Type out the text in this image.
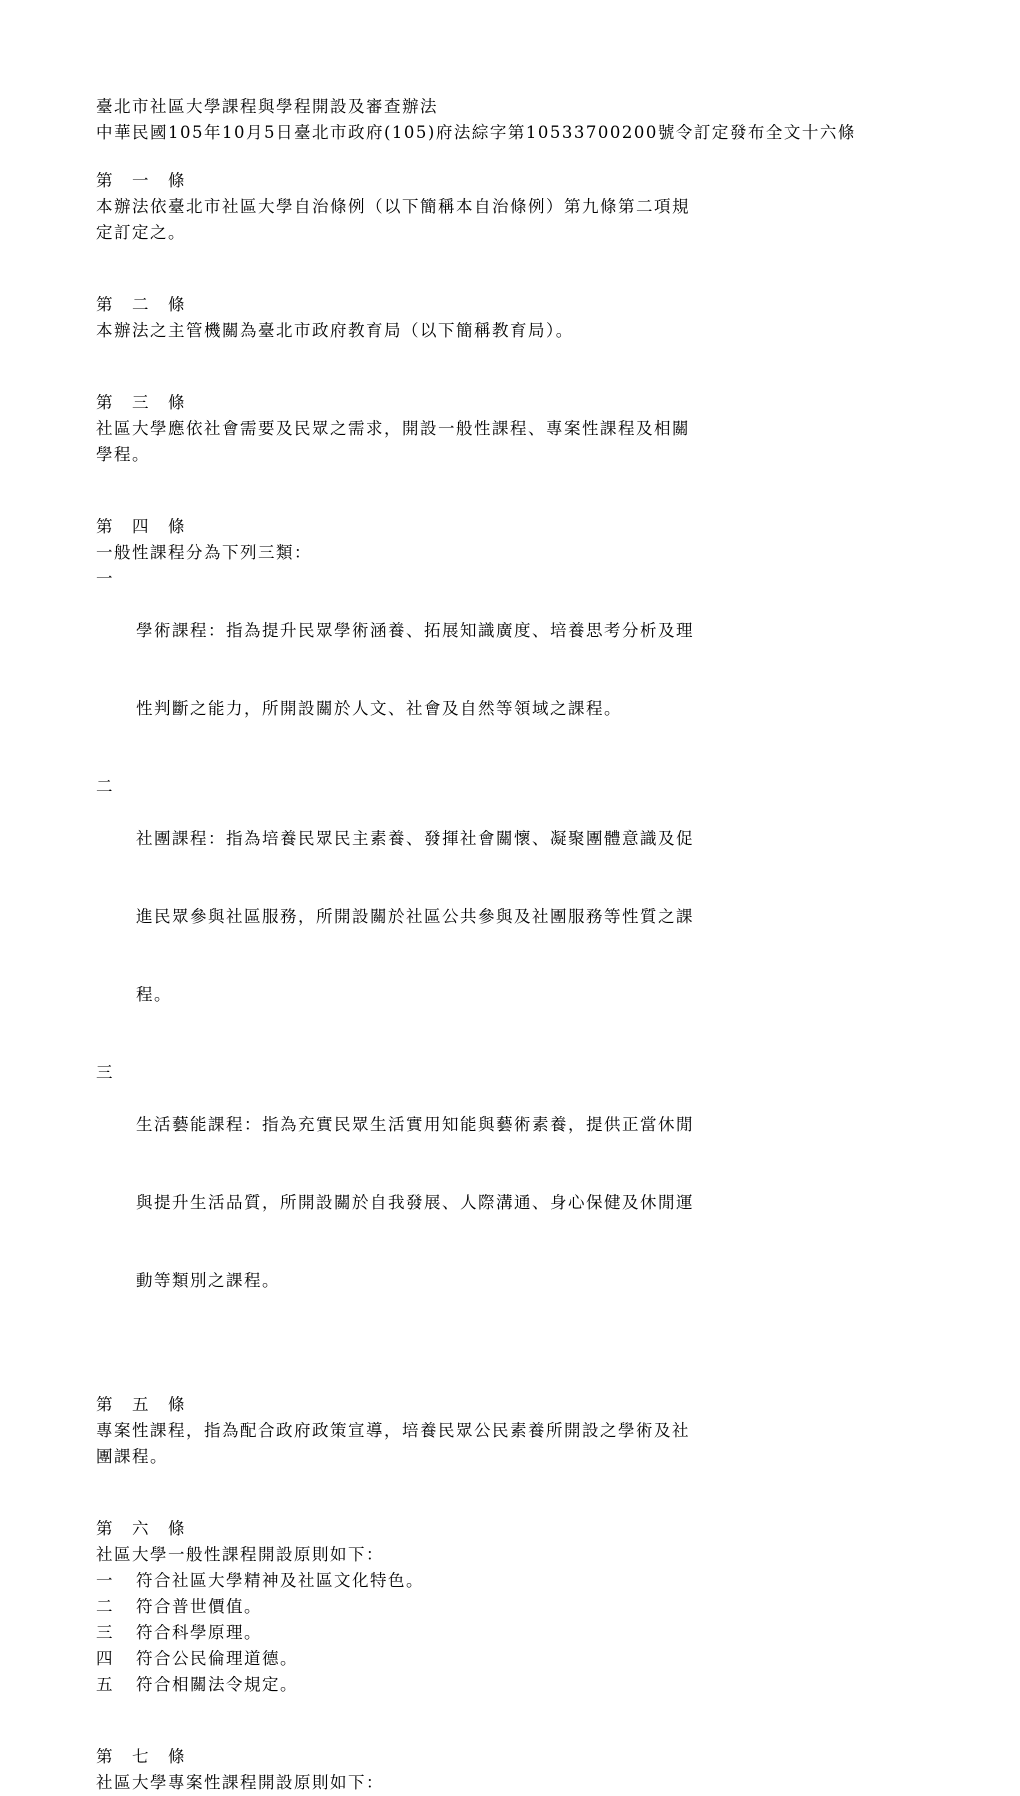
臺北市社區大學課程與學程開設及審查辦法
中華民國105年10月5日臺北市政府(105)府法綜字第10533700200號令訂定發布全文十六條
第　一　條
本辦法依臺北市社區大學自治條例（以下簡稱本自治條例）第九條第二項規
定訂定之。
第　二　條
本辦法之主管機關為臺北市政府教育局（以下簡稱教育局）。
第　三　條
社區大學應依社會需要及民眾之需求，開設一般性課程、專案性課程及相關
學程。
第　四　條
一般性課程分為下列三類：
一

學術課程：指為提升民眾學術涵養、拓展知識廣度、培養思考分析及理

性判斷之能力，所開設關於人文、社會及自然等領域之課程。

二

社團課程：指為培養民眾民主素養、發揮社會關懷、凝聚團體意識及促

進民眾參與社區服務，所開設關於社區公共參與及社團服務等性質之課

程。

三

生活藝能課程：指為充實民眾生活實用知能與藝術素養，提供正當休閒

與提升生活品質，所開設關於自我發展、人際溝通、身心保健及休閒運

動等類別之課程。

第　五　條
專案性課程，指為配合政府政策宣導，培養民眾公民素養所開設之學術及社
團課程。
第　六　條
社區大學一般性課程開設原則如下：
一	符合社區大學精神及社區文化特色。
二	符合普世價值。
三	符合科學原理。
四	符合公民倫理道德。
五	符合相關法令規定。
第　七　條
社區大學專案性課程開設原則如下：
